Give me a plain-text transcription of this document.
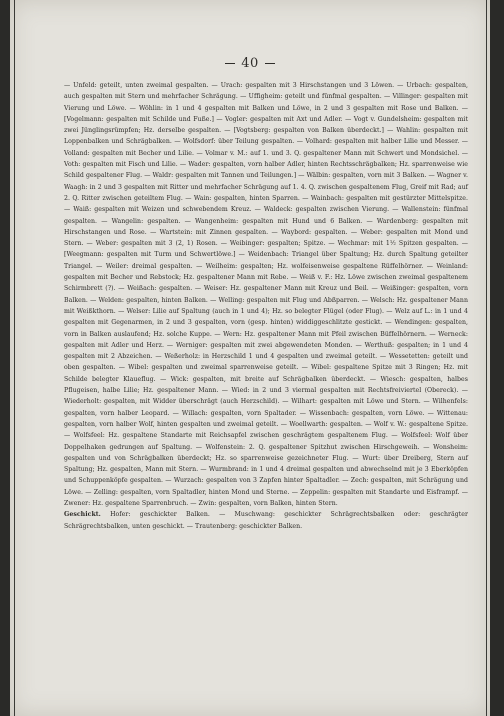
40

— Unfeld: geteilt, unten zweimal gespalten. — Urach: gespalten mit 3 Hirschstangen und 3 Löwen. — Urbach: gespalten, auch gespalten mit Stern und mehrfacher Schrägung. — Uffigheim: geteilt und fünfmal gespalten. — Villinger: gespalten mit Vierung und Löwe. — Wöhlin: in 1 und 4 gespalten mit Balken und Löwe, in 2 und 3 gespalten mit Rose und Balken. — [Vogelmann: gespalten mit Schilde und Fuße.] — Vogler: gespalten mit Axt und Adler. — Vogt v. Gundelsheim: gespalten mit zwei Jünglingsrümpfen; Hz. derselbe gespalten. — [Vogtsberg: gespalten von Balken überdeckt.] — Wahlin: gespalten mit Loppenbalken und Schrägbalken. — Wolfsdorf: über Teilung gespalten. — Volhard: gespalten mit halber Lilie und Messer. — Volland: gespalten mit Becher und Lilie. — Volmar v. M.: auf 1. und 3. Q. gespaltener Mann mit Schwert und Mondsichel. — Voth: gespalten mit Fisch und Lilie. — Wader: gespalten, vorn halber Adler, hinten Rechtsschrägbalken; Hz. sparrenweise wie Schild gespaltener Flug. — Waldr: gespalten mit Tannen und Teilungen.] — Wälbin: gespalten, vorn mit 3 Balken. — Wagner v. Waagh: in 2 und 3 gespalten mit Ritter und mehrfacher Schrägung auf 1. 4. Q. zwischen gespaltenem Flug, Greif mit Rad; auf 2. Q. Ritter zwischen geteiltem Flug. — Wain: gespalten, hinten Sparren. — Wainbach: gespalten mit gestürzter Mittelspitze. — Waiß: gespalten mit Weizen und schwebendem Kreuz. — Waldeck: gespalten zwischen Vierung. — Wallenstein: fünfmal gespalten. — Wangelin: gespalten. — Wangenheim: gespalten mit Hund und 6 Balken. — Wardenberg: gespalten mit Hirschstangen und Rose. — Wartstein: mit Zinnen gespalten. — Waybord: gespalten. — Weber: gespalten mit Mond und Stern. — Weber: gespalten mit 3 (2, 1) Rosen. — Weibinger: gespalten; Spitze. — Wechmar: mit 1½ Spitzen gespalten. — [Weegmann: gespalten mit Turm und Schwertlöwe.] — Weidenbach: Triangel über Spaltung; Hz. durch Spaltung geteilter Triangel. — Weiler: dreimal gespalten. — Weilheim: gespalten; Hz. wolfeisenweise gespaltene Rüffelhörner. — Weinland: gespalten mit Becher und Rebstock; Hz. gespaltener Mann mit Rebe. — Weiß v. F.: Hz. Löwe zwischen zweimal gespaltenem Schirmbrett (?). — Weißach: gespalten. — Weiser: Hz. gespaltener Mann mit Kreuz und Beil. — Weißinger: gespalten, vorn Balken. — Welden: gespalten, hinten Balken. — Welling: gespalten mit Flug und Abßparren. — Welsch: Hz. gespaltener Mann mit Weißkthorn. — Welser: Lilie auf Spaltung (auch in 1 und 4); Hz. so belegter Flügel (oder Flug). — Welz auf L.: in 1 und 4 gespalten mit Gegenarmen, in 2 und 3 gespalten, vorn (gesp. hinten) widdiggeschlitzte gestickt. — Wendingen: gespalten, vorn in Balken auslaufend; Hz. solche Kuppe. — Wern: Hz. gespaltener Mann mit Pfeil zwischen Büffelhörnern. — Werneck: gespalten mit Adler und Herz. — Werniger: gespalten mit zwei abgewendeten Monden. — Werthuß: gespalten; in 1 und 4 gespalten mit 2 Abzeichen. — Weßerholz: in Herzschild 1 und 4 gespalten und zweimal geteilt. — Wessetetten: geteilt und oben gespalten. — Wibel: gespalten und zweimal sparrenweise geteilt. — Wibel: gespaltene Spitze mit 3 Ringen; Hz. mit Schilde belegter Klaueflug. — Wick: gespalten, mit breite auf Schrägbalken überdeckt. — Wiesch: gespalten, halbes Pflugeisen, halbe Lilie; Hz. gespaltener Mann. — Wied: in 2 und 3 viermal gespalten mit Rechtsfreiviertel (Obereck). — Wiederholt: gespalten, mit Widder überschrägt (auch Herzschild). — Wilhart: gespalten mit Löwe und Stern. — Wilhenfels: gespalten, vorn halber Leopard. — Willach: gespalten, vorn Spaltader. — Wissenbach: gespalten, vorn Löwe. — Wittenau: gespalten, vorn halber Wolf, hinten gespalten und zweimal geteilt. — Woellwarth: gespalten. — Wolf v. W.: gespaltene Spitze. — Wolfsfeel: Hz. gespaltene Standarte mit Reichsapfel zwischen geschrägtem gespaltenem Flug. — Wolfsfeel: Wolf über Doppelhaken gedrungen auf Spaltung. — Wolfenstein: 2. Q. gespaltener Spitzhut zwischen Hirschgeweih. — Wonsheim: gespalten und von Schrägbalken überdeckt; Hz. so sparrenweise gezeichneter Flug. — Wurt: über Dreiberg, Stern auf Spaltung; Hz. gespalten, Mann mit Stern. — Wurmbrand: in 1 und 4 dreimal gespalten und abwechselnd mit je 3 Eberköpfen und Schuppenköpfe gespalten. — Wurzach: gespalten von 3 Zapfen hinter Spaltadler. — Zech: gespalten, mit Schrägung und Löwe. — Zelling: gespalten, vorn Spaltadler, hinten Mond und Sterne. — Zeppelin: gespalten mit Standarte und Eisframpf. — Zwener: Hz. gespaltene Sparrenbruch. — Zwin: gespalten, vorn Balken, hinten Stern.

Geschickt. Hofer: geschickter Balken. — Muschwang: geschickter Schrägrechtsbalken oder: geschrägter Schrägrechtsbalken, unten geschickt. — Trautenberg: geschickter Balken.
